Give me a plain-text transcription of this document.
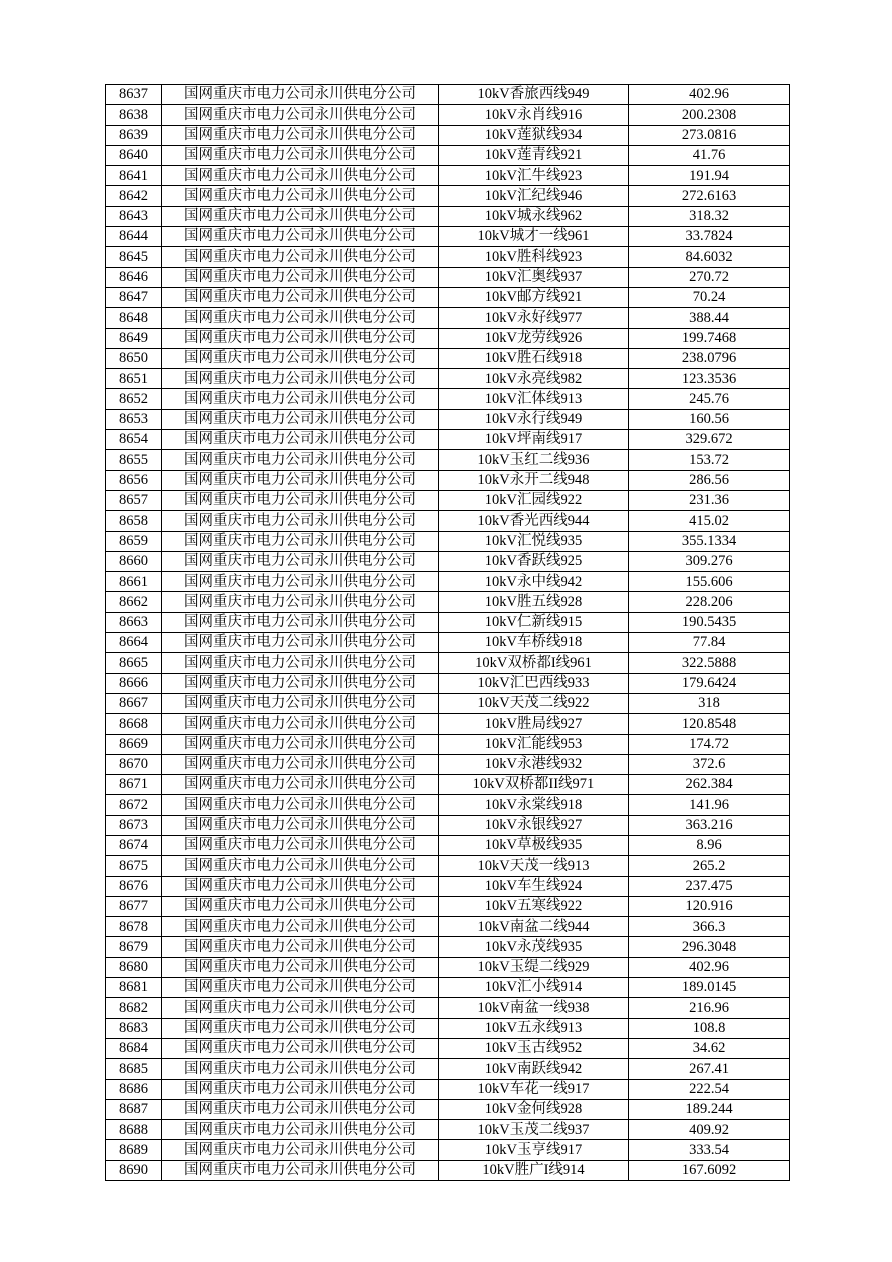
8637	国网重庆市电力公司永川供电分公司	10kV香旅西线949	402.96
8638	国网重庆市电力公司永川供电分公司	10kV永肖线916	200.2308
8639	国网重庆市电力公司永川供电分公司	10kV莲狱线934	273.0816
8640	国网重庆市电力公司永川供电分公司	10kV莲青线921	41.76
8641	国网重庆市电力公司永川供电分公司	10kV汇牛线923	191.94
8642	国网重庆市电力公司永川供电分公司	10kV汇纪线946	272.6163
8643	国网重庆市电力公司永川供电分公司	10kV城永线962	318.32
8644	国网重庆市电力公司永川供电分公司	10kV城才一线961	33.7824
8645	国网重庆市电力公司永川供电分公司	10kV胜科线923	84.6032
8646	国网重庆市电力公司永川供电分公司	10kV汇奥线937	270.72
8647	国网重庆市电力公司永川供电分公司	10kV邮方线921	70.24
8648	国网重庆市电力公司永川供电分公司	10kV永好线977	388.44
8649	国网重庆市电力公司永川供电分公司	10kV龙劳线926	199.7468
8650	国网重庆市电力公司永川供电分公司	10kV胜石线918	238.0796
8651	国网重庆市电力公司永川供电分公司	10kV永亮线982	123.3536
8652	国网重庆市电力公司永川供电分公司	10kV汇体线913	245.76
8653	国网重庆市电力公司永川供电分公司	10kV永行线949	160.56
8654	国网重庆市电力公司永川供电分公司	10kV坪南线917	329.672
8655	国网重庆市电力公司永川供电分公司	10kV玉红二线936	153.72
8656	国网重庆市电力公司永川供电分公司	10kV永开二线948	286.56
8657	国网重庆市电力公司永川供电分公司	10kV汇园线922	231.36
8658	国网重庆市电力公司永川供电分公司	10kV香光西线944	415.02
8659	国网重庆市电力公司永川供电分公司	10kV汇悦线935	355.1334
8660	国网重庆市电力公司永川供电分公司	10kV香跃线925	309.276
8661	国网重庆市电力公司永川供电分公司	10kV永中线942	155.606
8662	国网重庆市电力公司永川供电分公司	10kV胜五线928	228.206
8663	国网重庆市电力公司永川供电分公司	10kV仁新线915	190.5435
8664	国网重庆市电力公司永川供电分公司	10kV车桥线918	77.84
8665	国网重庆市电力公司永川供电分公司	10kV双桥都I线961	322.5888
8666	国网重庆市电力公司永川供电分公司	10kV汇巴西线933	179.6424
8667	国网重庆市电力公司永川供电分公司	10kV天茂二线922	318
8668	国网重庆市电力公司永川供电分公司	10kV胜局线927	120.8548
8669	国网重庆市电力公司永川供电分公司	10kV汇能线953	174.72
8670	国网重庆市电力公司永川供电分公司	10kV永港线932	372.6
8671	国网重庆市电力公司永川供电分公司	10kV双桥都II线971	262.384
8672	国网重庆市电力公司永川供电分公司	10kV永棠线918	141.96
8673	国网重庆市电力公司永川供电分公司	10kV永银线927	363.216
8674	国网重庆市电力公司永川供电分公司	10kV草极线935	8.96
8675	国网重庆市电力公司永川供电分公司	10kV天茂一线913	265.2
8676	国网重庆市电力公司永川供电分公司	10kV车生线924	237.475
8677	国网重庆市电力公司永川供电分公司	10kV五寒线922	120.916
8678	国网重庆市电力公司永川供电分公司	10kV南盆二线944	366.3
8679	国网重庆市电力公司永川供电分公司	10kV永茂线935	296.3048
8680	国网重庆市电力公司永川供电分公司	10kV玉缇二线929	402.96
8681	国网重庆市电力公司永川供电分公司	10kV汇小线914	189.0145
8682	国网重庆市电力公司永川供电分公司	10kV南盆一线938	216.96
8683	国网重庆市电力公司永川供电分公司	10kV五永线913	108.8
8684	国网重庆市电力公司永川供电分公司	10kV玉古线952	34.62
8685	国网重庆市电力公司永川供电分公司	10kV南跃线942	267.41
8686	国网重庆市电力公司永川供电分公司	10kV车花一线917	222.54
8687	国网重庆市电力公司永川供电分公司	10kV金何线928	189.244
8688	国网重庆市电力公司永川供电分公司	10kV玉茂二线937	409.92
8689	国网重庆市电力公司永川供电分公司	10kV玉亨线917	333.54
8690	国网重庆市电力公司永川供电分公司	10kV胜广I线914	167.6092
